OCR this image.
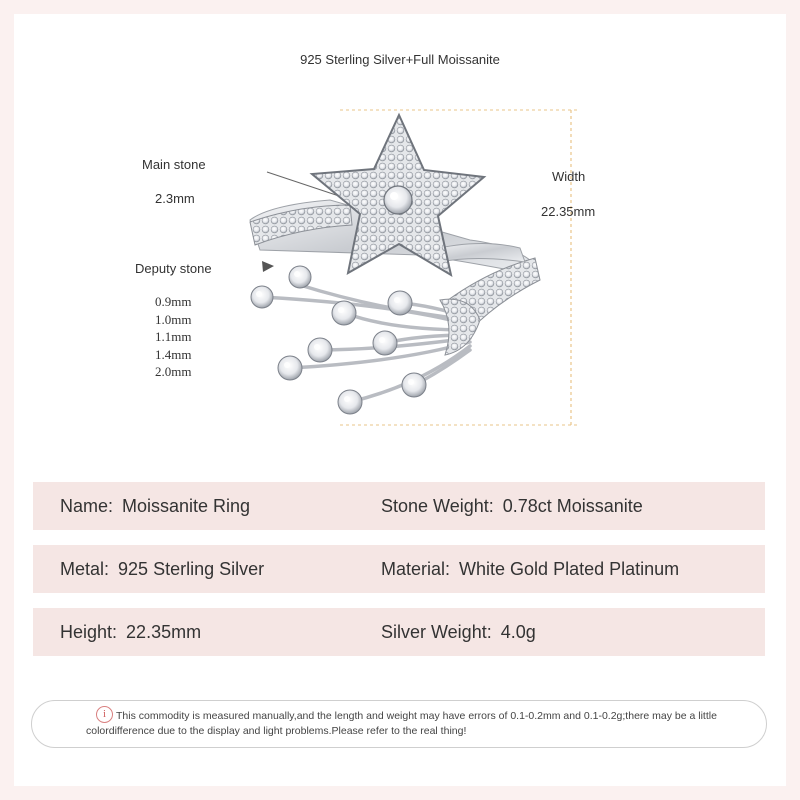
925 Sterling Silver+Full Moissanite
Main stone
2.3mm
Width
22.35mm
Deputy stone
0.9mm
1.0mm
1.1mm
1.4mm
2.0mm
Name: Moissanite Ring	Stone Weight: 0.78ct Moissanite
Metal: 925 Sterling Silver	Material: White Gold Plated Platinum
Height: 22.35mm	Silver Weight: 4.0g
i This commodity is measured manually,and the length and weight may have errors of 0.1-0.2mm and 0.1-0.2g;there may be a little colordifference due to the display and light problems.Please refer to the real thing!
